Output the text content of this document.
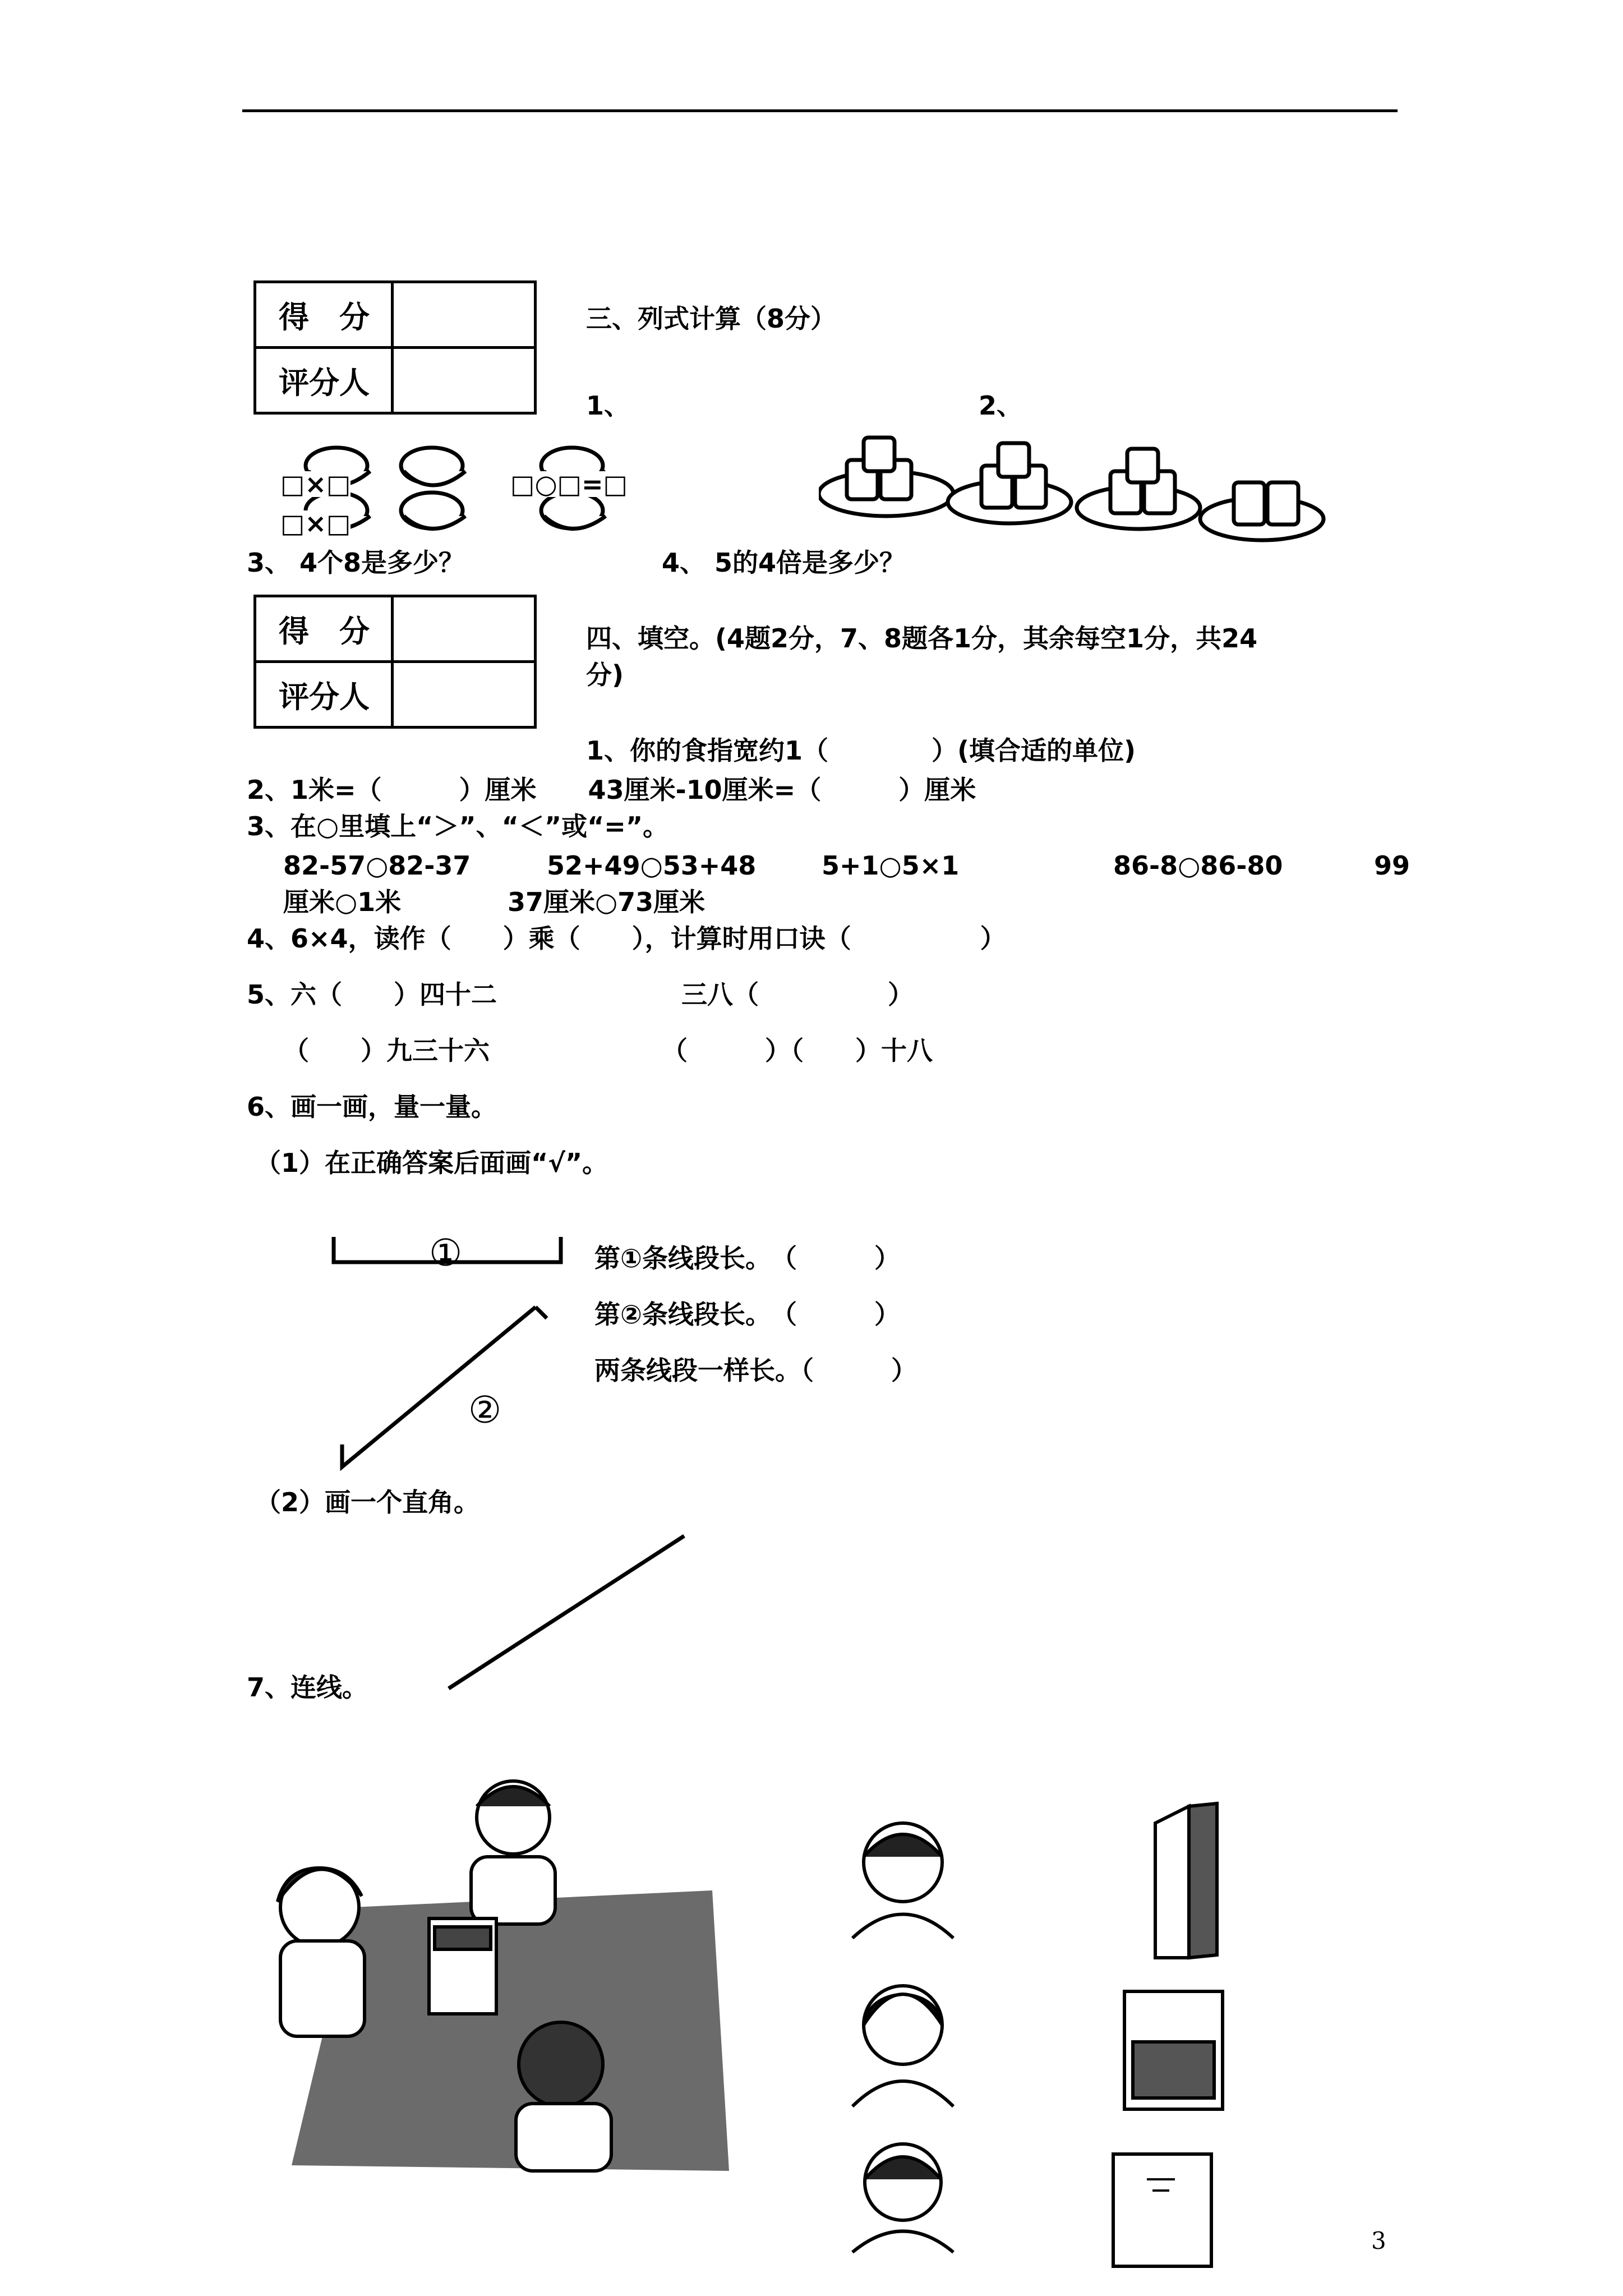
得　分	
评分人	
三、列式计算（8分）
1、	2、
□×□	□○□=□
□×□
3、 4个8是多少？	4、 5的4倍是多少？
得　分	
评分人	
四、填空。(4题2分，7、8题各1分，其余每空1分，共24
分)
1、你的食指宽约1（　　　　）(填合适的单位)
2、1米=（　　　）厘米　　43厘米-10厘米=（　　　）厘米
3、在○里填上“＞”、“＜”或“=”。
82-57○82-37	52+49○53+48	5+1○5×1	86-8○86-80	99
厘米○1米	37厘米○73厘米
4、6×4，读作（　　）乘（　　），计算时用口诀（　　　　　）
5、六（　　）四十二	三八（　　　　　）
（　　）九三十六	（　　　）（　　）十八
6、画一画，量一量。
（1）在正确答案后面画“√”。
①
②
第①条线段长。　（　　　）
第②条线段长。　（　　　）
两条线段一样长。（　　　）
（2）画一个直角。
7、连线。
3
